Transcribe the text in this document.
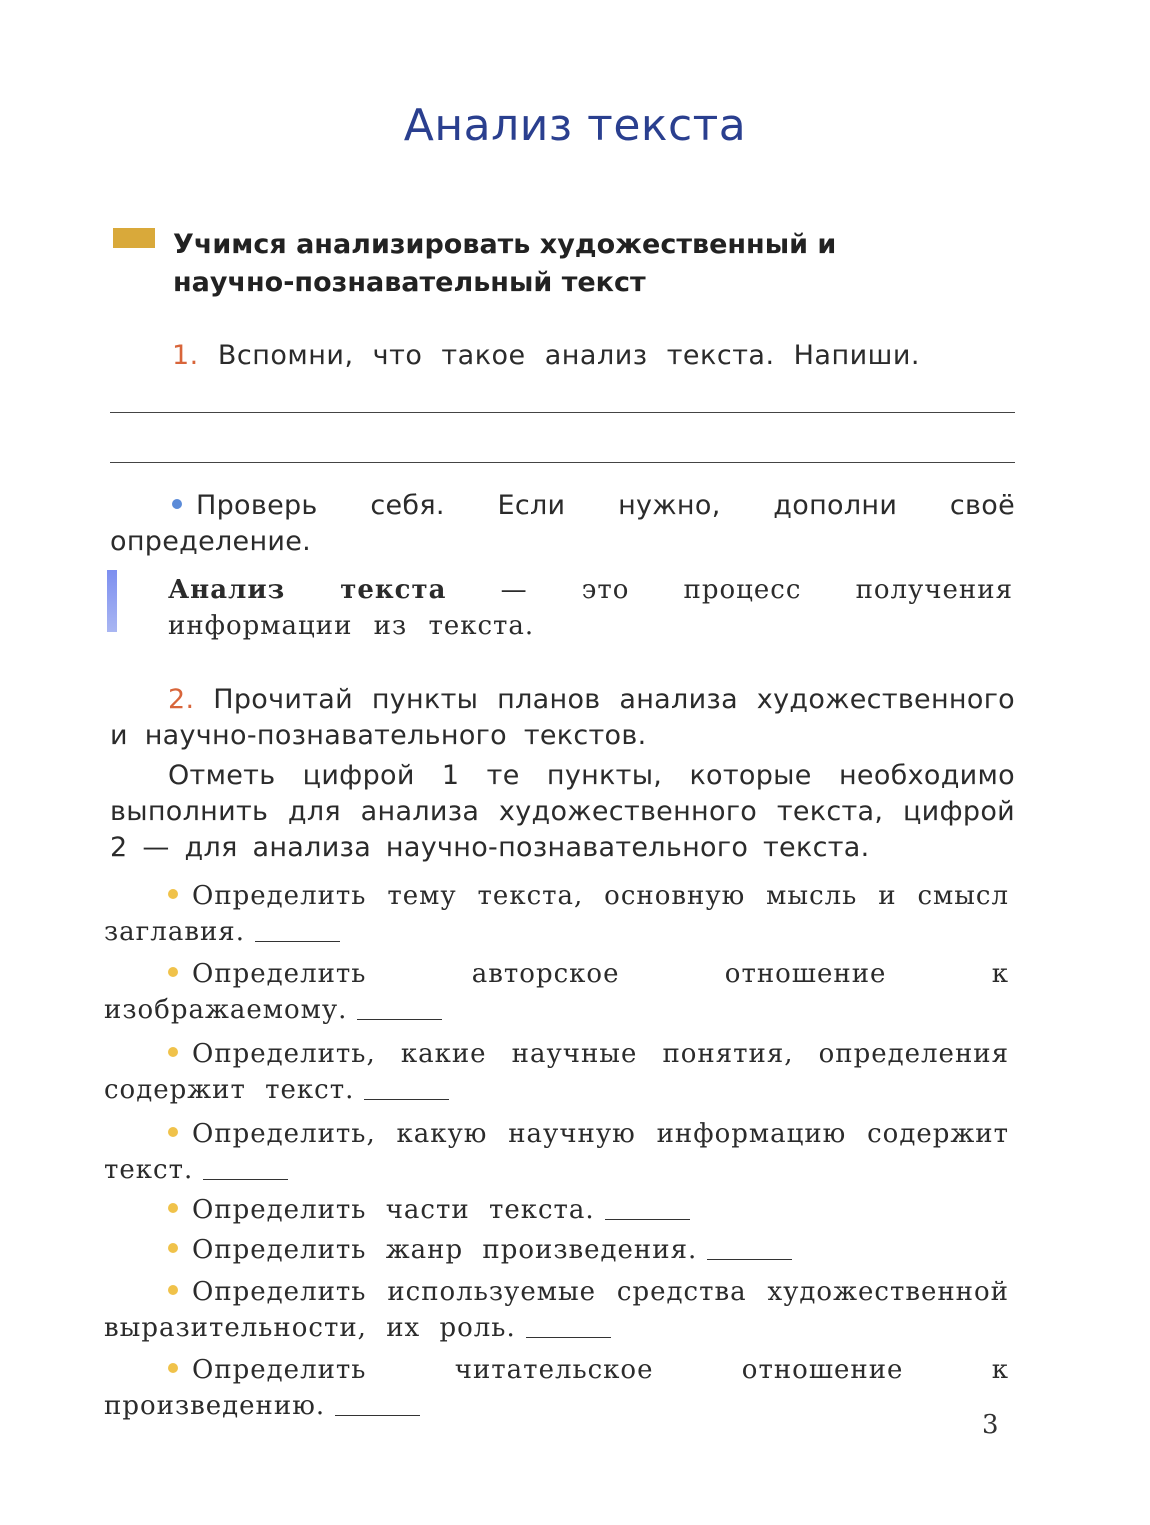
Анализ текста
Учимся анализировать художественный и научно-познавательный текст
1. Вспомни, что такое анализ текста. Напиши.
Проверь себя. Если нужно, дополни своё определение.
Анализ текста — это процесс получения информации из текста.
2. Прочитай пункты планов анализа художественного и научно-познавательного текстов.
Отметь цифрой 1 те пункты, которые необходимо выполнить для анализа художественного текста, цифрой 2 — для анализа научно-познавательного текста.
Определить тему текста, основную мысль и смысл заглавия.
Определить авторское отношение к изображаемому.
Определить, какие научные понятия, определения содержит текст.
Определить, какую научную информацию содержит текст.
Определить части текста.
Определить жанр произведения.
Определить используемые средства художественной выразительности, их роль.
Определить читательское отношение к произведению.
3
